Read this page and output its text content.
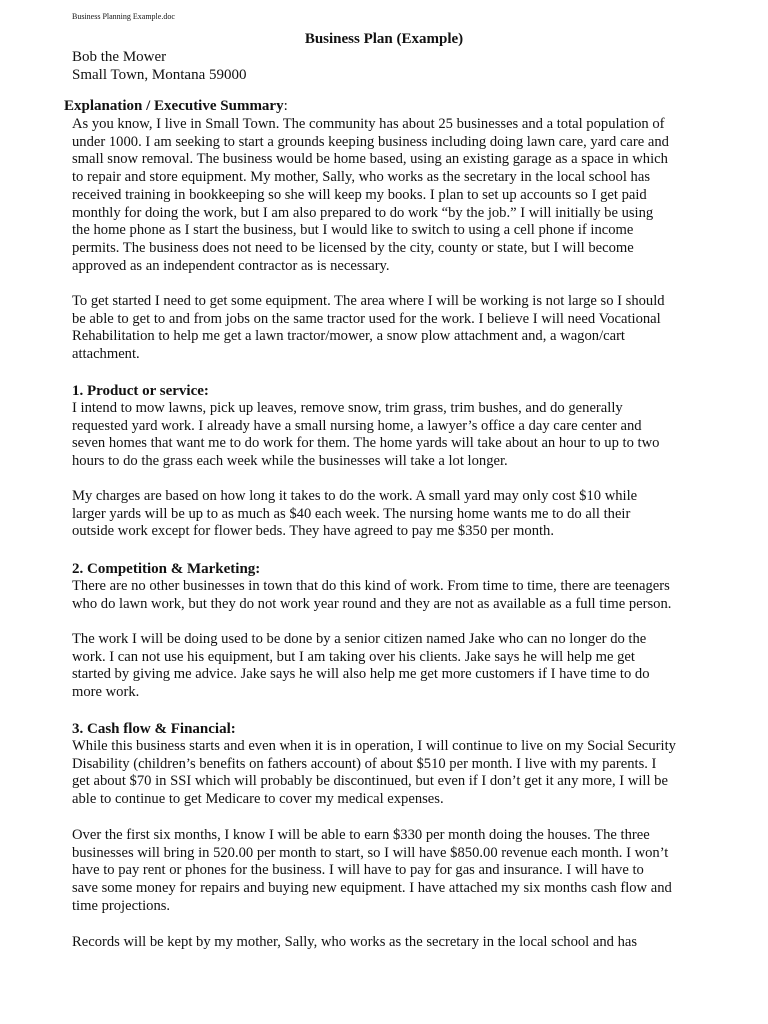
Business Planning Example.doc
Business Plan (Example)
Bob the Mower
Small Town, Montana 59000
Explanation / Executive Summary:
As you know, I live in Small Town. The community has about 25 businesses and a total population of
under 1000. I am seeking to start a grounds keeping business including doing lawn care, yard care and
small snow removal. The business would be home based, using an existing garage as a space in which
to repair and store equipment. My mother, Sally, who works as the secretary in the local school has
received training in bookkeeping so she will keep my books. I plan to set up accounts so I get paid
monthly for doing the work, but I am also prepared to do work “by the job.” I will initially be using
the home phone as I start the business, but I would like to switch to using a cell phone if income
permits. The business does not need to be licensed by the city, county or state, but I will become
approved as an independent contractor as is necessary.
To get started I need to get some equipment. The area where I will be working is not large so I should
be able to get to and from jobs on the same tractor used for the work. I believe I will need Vocational
Rehabilitation to help me get a lawn tractor/mower, a snow plow attachment and, a wagon/cart
attachment.
1. Product or service:
I intend to mow lawns, pick up leaves, remove snow, trim grass, trim bushes, and do generally
requested yard work. I already have a small nursing home, a lawyer’s office a day care center and
seven homes that want me to do work for them. The home yards will take about an hour to up to two
hours to do the grass each week while the businesses will take a lot longer.
My charges are based on how long it takes to do the work. A small yard may only cost $10 while
larger yards will be up to as much as $40 each week. The nursing home wants me to do all their
outside work except for flower beds. They have agreed to pay me $350 per month.
2. Competition & Marketing:
There are no other businesses in town that do this kind of work. From time to time, there are teenagers
who do lawn work, but they do not work year round and they are not as available as a full time person.
The work I will be doing used to be done by a senior citizen named Jake who can no longer do the
work. I can not use his equipment, but I am taking over his clients. Jake says he will help me get
started by giving me advice. Jake says he will also help me get more customers if I have time to do
more work.
3. Cash flow & Financial:
While this business starts and even when it is in operation, I will continue to live on my Social Security
Disability (children’s benefits on fathers account) of about $510 per month. I live with my parents. I
get about $70 in SSI which will probably be discontinued, but even if I don’t get it any more, I will be
able to continue to get Medicare to cover my medical expenses.
Over the first six months, I know I will be able to earn $330 per month doing the houses. The three
businesses will bring in 520.00 per month to start, so I will have $850.00 revenue each month. I won’t
have to pay rent or phones for the business. I will have to pay for gas and insurance. I will have to
save some money for repairs and buying new equipment. I have attached my six months cash flow and
time projections.
Records will be kept by my mother, Sally, who works as the secretary in the local school and has
